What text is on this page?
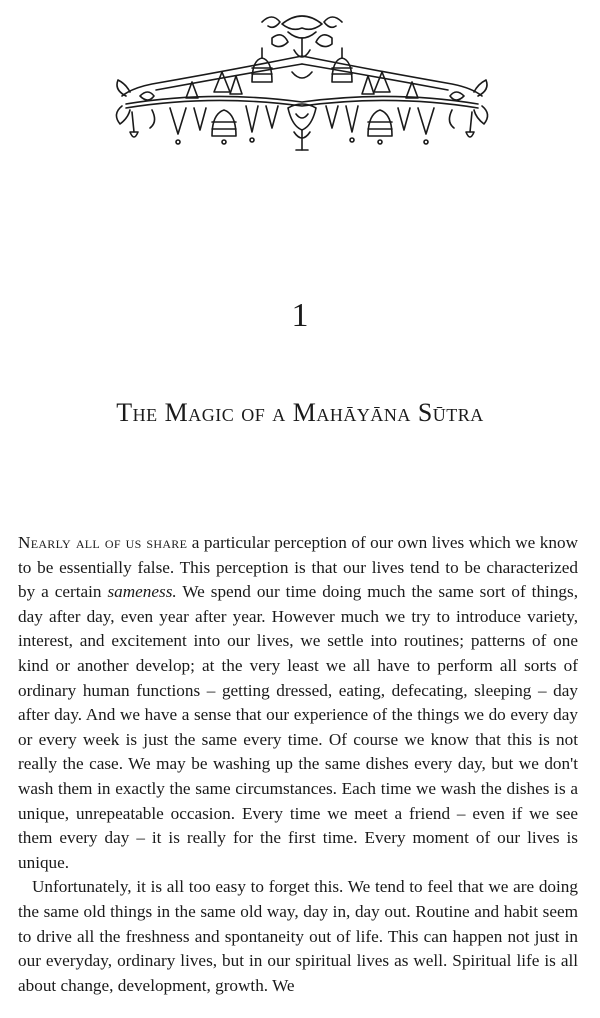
1
The Magic of a Mahāyāna Sūtra

Nearly all of us share a particular perception of our own lives which we know to be essentially false. This perception is that our lives tend to be characterized by a certain sameness. We spend our time doing much the same sort of things, day after day, even year after year. However much we try to introduce variety, interest, and excitement into our lives, we settle into routines; patterns of one kind or another develop; at the very least we all have to perform all sorts of ordinary human functions – getting dressed, eating, defecating, sleeping – day after day. And we have a sense that our experience of the things we do every day or every week is just the same every time. Of course we know that this is not really the case. We may be washing up the same dishes every day, but we don't wash them in exactly the same circumstances. Each time we wash the dishes is a unique, unrepeatable occasion. Every time we meet a friend – even if we see them every day – it is really for the first time. Every moment of our lives is unique.

Unfortunately, it is all too easy to forget this. We tend to feel that we are doing the same old things in the same old way, day in, day out. Routine and habit seem to drive all the freshness and spontaneity out of life. This can happen not just in our everyday, ordinary lives, but in our spiritual lives as well. Spiritual life is all about change, development, growth. We
